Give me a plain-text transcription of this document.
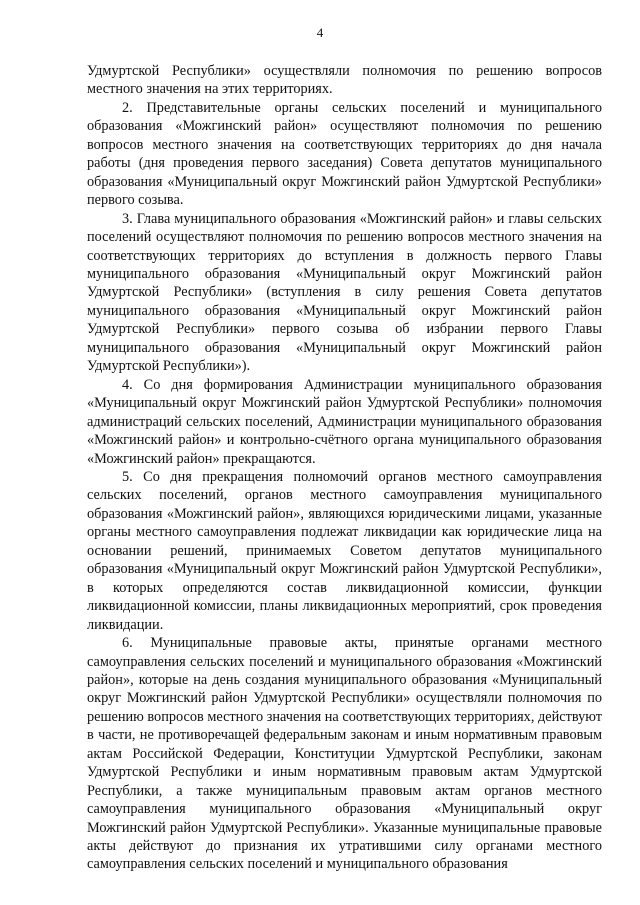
4

Удмуртской Республики» осуществляли полномочия по решению вопросов местного значения на этих территориях.

2. Представительные органы сельских поселений и муниципального образования «Можгинский район» осуществляют полномочия по решению вопросов местного значения на соответствующих территориях до дня начала работы (дня проведения первого заседания) Совета депутатов муниципального образования «Муниципальный округ Можгинский район Удмуртской Республики» первого созыва.

3. Глава муниципального образования «Можгинский район» и главы сельских поселений осуществляют полномочия по решению вопросов местного значения на соответствующих территориях до вступления в должность первого Главы муниципального образования «Муниципальный округ Можгинский район Удмуртской Республики» (вступления в силу решения Совета депутатов муниципального образования «Муниципальный округ Можгинский район Удмуртской Республики» первого созыва об избрании первого Главы муниципального образования «Муниципальный округ Можгинский район Удмуртской Республики»).

4. Со дня формирования Администрации муниципального образования «Муниципальный округ Можгинский район Удмуртской Республики» полномочия администраций сельских поселений, Администрации муниципального образования «Можгинский район» и контрольно-счётного органа муниципального образования «Можгинский район» прекращаются.

5. Со дня прекращения полномочий органов местного самоуправления сельских поселений, органов местного самоуправления муниципального образования «Можгинский район», являющихся юридическими лицами, указанные органы местного самоуправления подлежат ликвидации как юридические лица на основании решений, принимаемых Советом депутатов муниципального образования «Муниципальный округ Можгинский район Удмуртской Республики», в которых определяются состав ликвидационной комиссии, функции ликвидационной комиссии, планы ликвидационных мероприятий, срок проведения ликвидации.

6. Муниципальные правовые акты, принятые органами местного самоуправления сельских поселений и муниципального образования «Можгинский район», которые на день создания муниципального образования «Муниципальный округ Можгинский район Удмуртской Республики» осуществляли полномочия по решению вопросов местного значения на соответствующих территориях, действуют в части, не противоречащей федеральным законам и иным нормативным правовым актам Российской Федерации, Конституции Удмуртской Республики, законам Удмуртской Республики и иным нормативным правовым актам Удмуртской Республики, а также муниципальным правовым актам органов местного самоуправления муниципального образования «Муниципальный округ Можгинский район Удмуртской Республики». Указанные муниципальные правовые акты действуют до признания их утратившими силу органами местного самоуправления сельских поселений и муниципального образования
